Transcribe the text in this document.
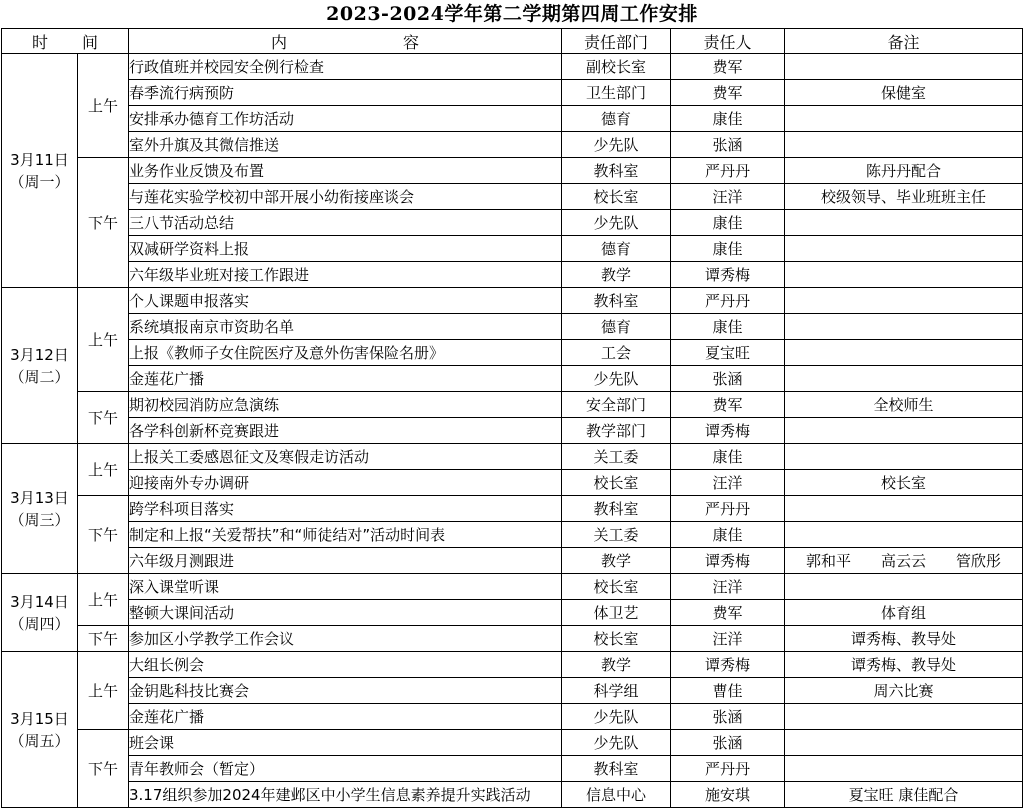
2023-2024学年第二学期第四周工作安排
时 间		内 容	责任部门	责任人	备注

3月11日
（周一）	上午	行政值班并校园安全例行检查	副校长室	费军	
		春季流行病预防	卫生部门	费军	保健室
		安排承办德育工作坊活动	德育	康佳	
		室外升旗及其微信推送	少先队	张涵	
	下午	业务作业反馈及布置	教科室	严丹丹	陈丹丹配合
		与莲花实验学校初中部开展小幼衔接座谈会	校长室	汪洋	校级领导、毕业班班主任
		三八节活动总结	少先队	康佳	
		双减研学资料上报	德育	康佳	
		六年级毕业班对接工作跟进	教学	谭秀梅	

3月12日
（周二）	上午	个人课题申报落实	教科室	严丹丹	
		系统填报南京市资助名单	德育	康佳	
		上报《教师子女住院医疗及意外伤害保险名册》	工会	夏宝旺	
		金莲花广播	少先队	张涵	
	下午	期初校园消防应急演练	安全部门	费军	全校师生
		各学科创新杯竞赛跟进	教学部门	谭秀梅	

3月13日
（周三）	上午	上报关工委感恩征文及寒假走访活动	关工委	康佳	
		迎接南外专办调研	校长室	汪洋	校长室
	下午	跨学科项目落实	教科室	严丹丹	
		制定和上报“关爱帮扶”和“师徒结对”活动时间表	关工委	康佳	
		六年级月测跟进	教学	谭秀梅	郭和平　　高云云　　管欣彤

3月14日
（周四）	上午	深入课堂听课	校长室	汪洋	
		整顿大课间活动	体卫艺	费军	体育组
	下午	参加区小学教学工作会议	校长室	汪洋	谭秀梅、教导处

3月15日
（周五）	上午	大组长例会	教学	谭秀梅	谭秀梅、教导处
		金钥匙科技比赛会	科学组	曹佳	周六比赛
		金莲花广播	少先队	张涵	
	下午	班会课	少先队	张涵	
		青年教师会（暂定）	教科室	严丹丹	
		3.17组织参加2024年建邺区中小学生信息素养提升实践活动	信息中心	施安琪	夏宝旺 康佳配合
